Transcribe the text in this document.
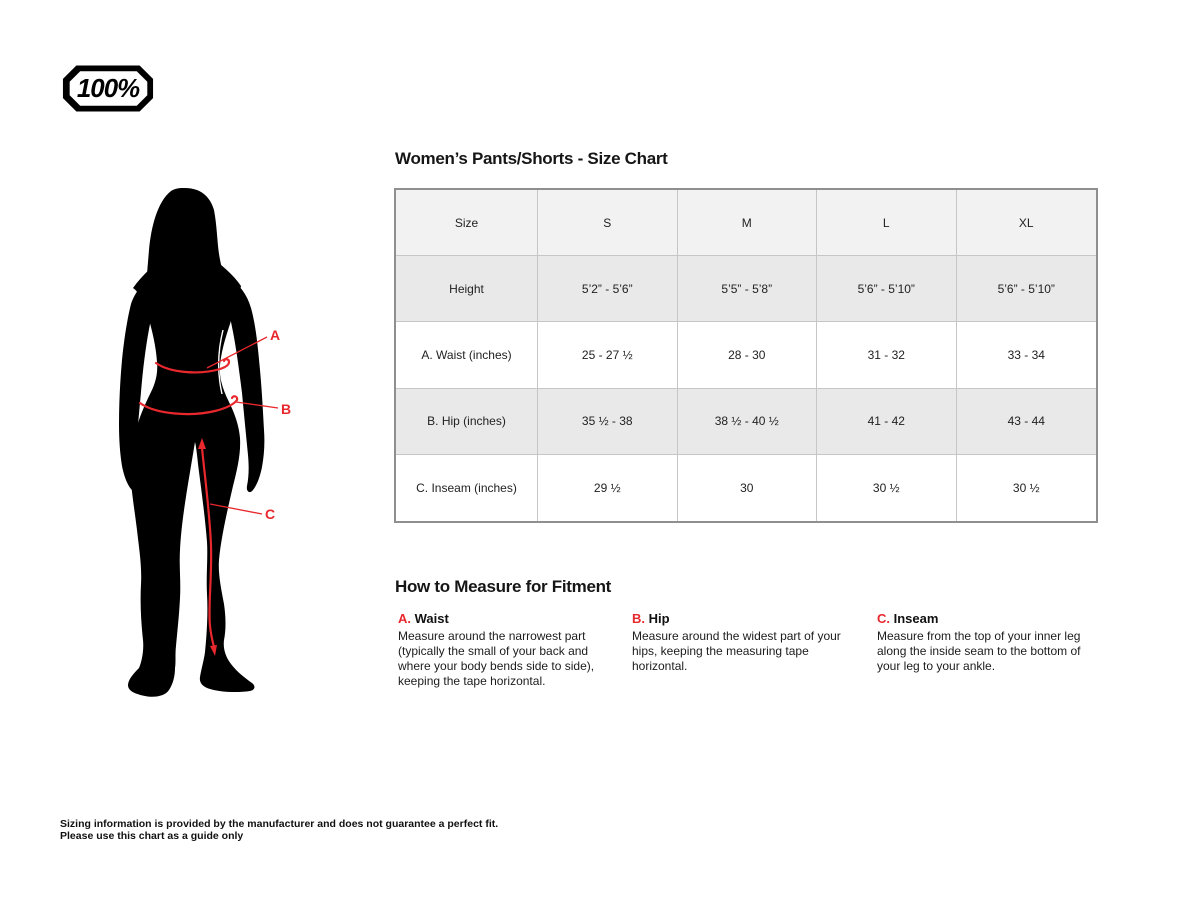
100%
Women’s Pants/Shorts - Size Chart
A
B
C
Size	S	M	L	XL
Height	5’2” - 5’6”	5’5” - 5’8”	5’6” - 5’10”	5’6” - 5’10”
A. Waist (inches)	25 - 27 ½	28 - 30	31 - 32	33 - 34
B. Hip (inches)	35 ½ - 38	38 ½ - 40 ½	41 - 42	43 - 44
C. Inseam (inches)	29 ½	30	30 ½	30 ½
How to Measure for Fitment
A. Waist

Measure around the narrowest part (typically the small of your back and where your body bends side to side), keeping the tape horizontal.

B. Hip

Measure around the widest part of your hips, keeping the measuring tape horizontal.

C. Inseam

Measure from the top of your inner leg along the inside seam to the bottom of your leg to your ankle.

Sizing information is provided by the manufacturer and does not guarantee a perfect fit.
Please use this chart as a guide only
